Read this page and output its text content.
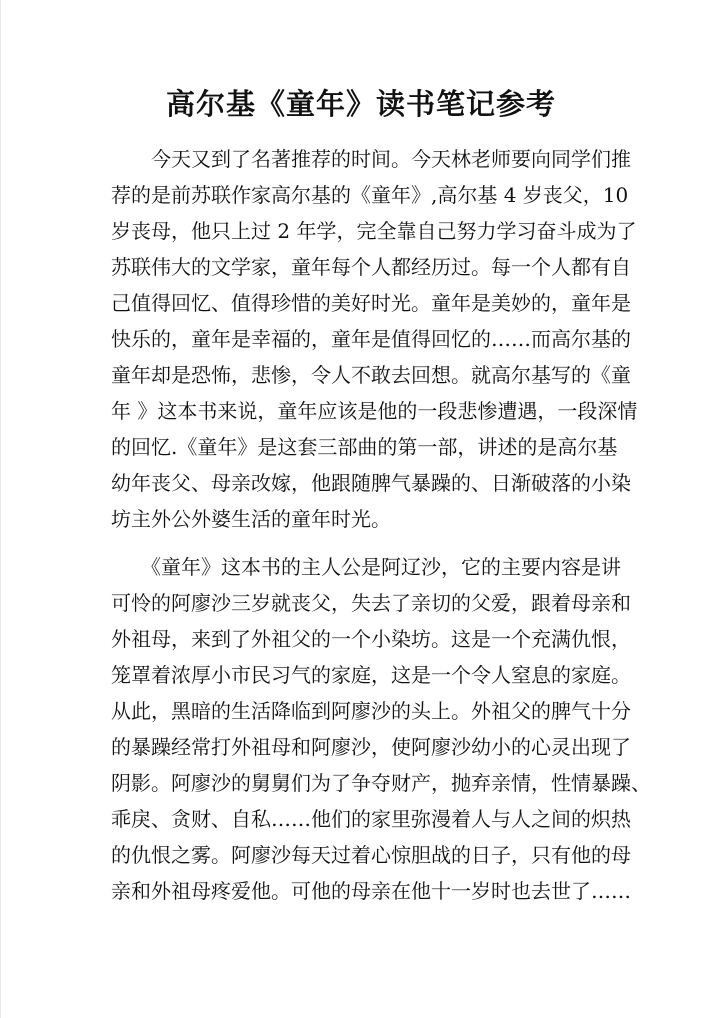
高尔基《童年》读书笔记参考
　　今天又到了名著推荐的时间。今天林老师要向同学们推
荐的是前苏联作家高尔基的《童年》,高尔基 4 岁丧父，10
岁丧母，他只上过 2 年学，完全靠自己努力学习奋斗成为了
苏联伟大的文学家，童年每个人都经历过。每一个人都有自
己值得回忆、值得珍惜的美好时光。童年是美妙的，童年是
快乐的，童年是幸福的，童年是值得回忆的……而高尔基的
童年却是恐怖，悲惨，令人不敢去回想。就高尔基写的《童
年 》这本书来说，童年应该是他的一段悲惨遭遇，一段深情
的回忆.《童年》是这套三部曲的第一部，讲述的是高尔基
幼年丧父、母亲改嫁，他跟随脾气暴躁的、日渐破落的小染
坊主外公外婆生活的童年时光。
　　《童年》这本书的主人公是阿辽沙，它的主要内容是讲
可怜的阿廖沙三岁就丧父，失去了亲切的父爱，跟着母亲和
外祖母，来到了外祖父的一个小染坊。这是一个充满仇恨，
笼罩着浓厚小市民习气的家庭，这是一个令人窒息的家庭。
从此，黑暗的生活降临到阿廖沙的头上。外祖父的脾气十分
的暴躁经常打外祖母和阿廖沙，使阿廖沙幼小的心灵出现了
阴影。阿廖沙的舅舅们为了争夺财产，抛弃亲情，性情暴躁、
乖戾、贪财、自私……他们的家里弥漫着人与人之间的炽热
的仇恨之雾。阿廖沙每天过着心惊胆战的日子，只有他的母
亲和外祖母疼爱他。可他的母亲在他十一岁时也去世了……
